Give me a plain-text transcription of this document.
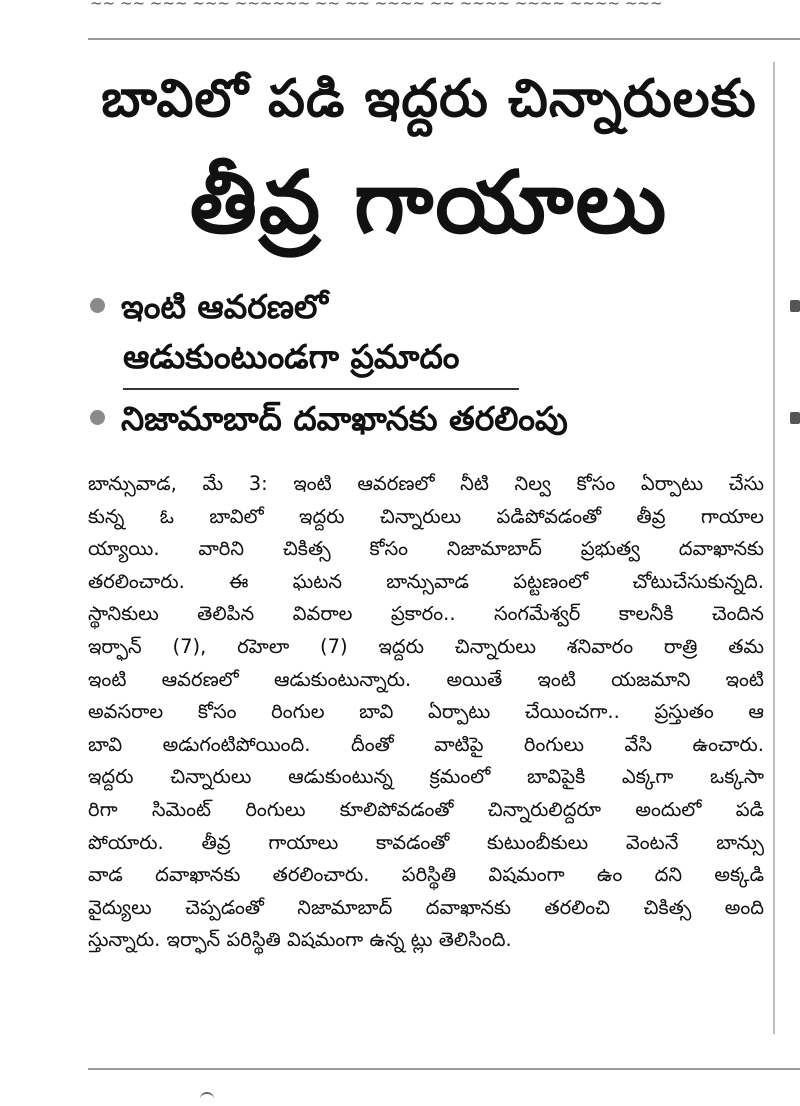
~~ ~~ ~~~ ~~~ ~~~~~~ ~~ ~~ ~~~~ ~~ ~~~~ ~~~~ ~~~~ ~~~
బావిలో పడి ఇద్దరు చిన్నారులకు
తీవ్ర గాయాలు
ఇంటి ఆవరణలో
ఆడుకుంటుండగా ప్రమాదం
నిజామాబాద్ దవాఖానకు తరలింపు
బాన్సువాడ, మే 3: ఇంటి ఆవరణలో నీటి నిల్వ కోసం ఏర్పాటు చేసు
కున్న ఓ బావిలో ఇద్దరు చిన్నారులు పడిపోవడంతో తీవ్ర గాయాల
య్యాయి. వారిని చికిత్స కోసం నిజామాబాద్ ప్రభుత్వ దవాఖానకు
తరలించారు. ఈ ఘటన బాన్సువాడ పట్టణంలో చోటుచేసుకున్నది.
స్థానికులు తెలిపిన వివరాల ప్రకారం.. సంగమేశ్వర్ కాలనీకి చెందిన
ఇర్ఫాన్ (7), రహెలా (7) ఇద్దరు చిన్నారులు శనివారం రాత్రి తమ
ఇంటి ఆవరణలో ఆడుకుంటున్నారు. అయితే ఇంటి యజమాని ఇంటి
అవసరాల కోసం రింగుల బావి ఏర్పాటు చేయించగా.. ప్రస్తుతం ఆ
బావి అడుగంటిపోయింది. దీంతో వాటిపై రింగులు వేసి ఉంచారు.
ఇద్దరు చిన్నారులు ఆడుకుంటున్న క్రమంలో బావిపైకి ఎక్కగా ఒక్కసా
రిగా సిమెంట్ రింగులు కూలిపోవడంతో చిన్నారులిద్దరూ అందులో పడి
పోయారు. తీవ్ర గాయాలు కావడంతో కుటుంబీకులు వెంటనే బాన్సు
వాడ దవాఖానకు తరలించారు. పరిస్థితి విషమంగా ఉం దని అక్కడి
వైద్యులు చెప్పడంతో నిజామాబాద్ దవాఖానకు తరలించి చికిత్స అంది
స్తున్నారు. ఇర్ఫాన్ పరిస్థితి విషమంగా ఉన్న ట్లు తెలిసింది.
